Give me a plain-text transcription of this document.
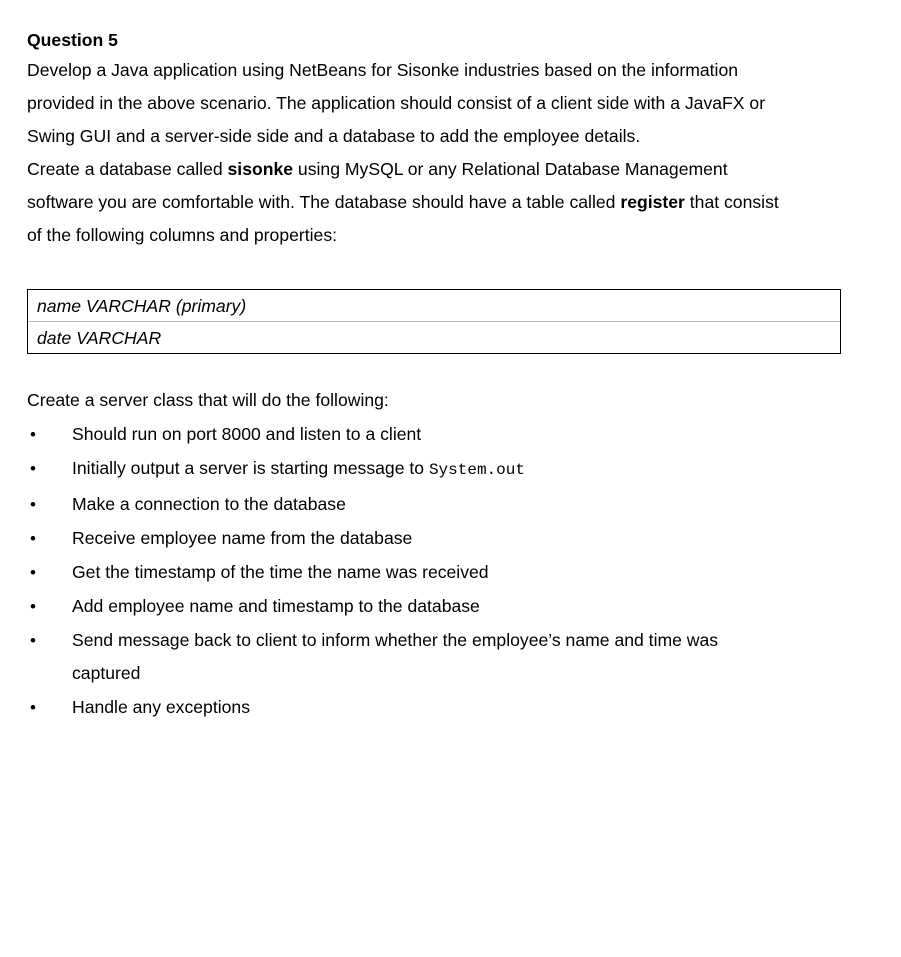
Question 5

Develop a Java application using NetBeans for Sisonke industries based on the information

provided in the above scenario. The application should consist of a client side with a JavaFX or

Swing GUI and a server-side side and a database to add the employee details.

Create a database called sisonke using MySQL or any Relational Database Management

software you are comfortable with. The database should have a table called register that consist

of the following columns and properties:

name VARCHAR (primary)
date VARCHAR

Create a server class that will do the following:

• Should run on port 8000 and listen to a client
• Initially output a server is starting message to System.out
• Make a connection to the database
• Receive employee name from the database
• Get the timestamp of the time the name was received
• Add employee name and timestamp to the database
• Send message back to client to inform whether the employee’s name and time was
captured
• Handle any exceptions
